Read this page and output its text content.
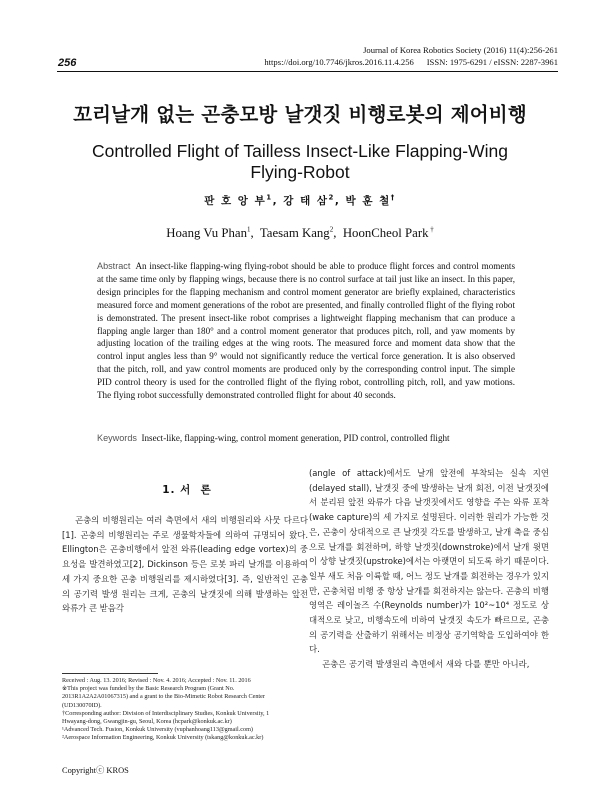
256
Journal of Korea Robotics Society (2016) 11(4):256-261
https://doi.org/10.7746/jkros.2016.11.4.256      ISSN: 1975-6291 / eISSN: 2287-3961
꼬리날개 없는 곤충모방 날갯짓 비행로봇의 제어비행
Controlled Flight of Tailless Insect-Like Flapping-Wing Flying-Robot
판 호 앙 부$^1$, 강 태 삼$^2$, 박 훈 철†
Hoang Vu Phan$^1$,  Taesam Kang$^2$,  HoonCheol Park †
Abstract An insect-like flapping-wing flying-robot should be able to produce flight forces and control moments at the same time only by flapping wings, because there is no control surface at tail just like an insect. In this paper, design principles for the flapping mechanism and control moment generator are briefly explained, characteristics measured force and moment generations of the robot are presented, and finally controlled flight of the flying robot is demonstrated. The present insect-like robot comprises a lightweight flapping mechanism that can produce a flapping angle larger than 180° and a control moment generator that produces pitch, roll, and yaw moments by adjusting location of the trailing edges at the wing roots. The measured force and moment data show that the control input angles less than 9° would not significantly reduce the vertical force generation. It is also observed that the pitch, roll, and yaw control moments are produced only by the corresponding control input. The simple PID control theory is used for the controlled flight of the flying robot, controlling pitch, roll, and yaw motions. The flying robot successfully demonstrated controlled flight for about 40 seconds.
Keywords Insect-like, flapping-wing, control moment generation, PID control, controlled flight
1. 서  론

곤충의 비행원리는 여러 측면에서 새의 비행원리와 사뭇 다르다[1]. 곤충의 비행원리는 주로 생물학자들에 의하여 규명되어 왔다. Ellington은 곤충비행에서 앞전 와류(leading edge vortex)의 중요성을 발견하였고[2], Dickinson 등은 로봇 파리 날개를 이용하여 세 가지 중요한 곤충 비행원리를 제시하였다[3]. 즉, 일반적인 곤충의 공기력 발생 원리는 크게, 곤충의 날갯짓에 의해 발생하는 앞전 와류가 큰 받음각

(angle of attack)에서도 날개 앞전에 부착되는 실속 지연(delayed stall), 날갯짓 중에 발생하는 날개 회전, 이전 날갯짓에서 분리된 앞전 와류가 다음 날갯짓에서도 영향을 주는 와류 포착(wake capture)의 세 가지로 설명된다. 이러한 원리가 가능한 것은, 곤충이 상대적으로 큰 날갯짓 각도를 발생하고, 날개 축을 중심으로 날개를 회전하며, 하향 날갯짓(downstroke)에서 날개 윗면이 상향 날갯짓(upstroke)에서는 아랫면이 되도록 하기 때문이다. 일부 새도 처음 이륙할 때, 어느 정도 날개를 회전하는 경우가 있지만, 곤충처럼 비행 중 항상 날개를 회전하지는 않는다. 곤충의 비행영역은 레이놀즈 수(Reynolds number)가 10²~10⁴ 정도로 상대적으로 낮고, 비행속도에 비하여 날갯짓 속도가 빠르므로, 곤충의 공기력을 산출하기 위해서는 비정상 공기역학을 도입하여야 한다.

곤충은 공기력 발생원리 측면에서 새와 다를 뿐만 아니라,

Received : Aug. 13. 2016; Revised : Nov. 4. 2016; Accepted : Nov. 11. 2016
※This project was funded by the Basic Research Program (Grant No. 2013R1A2A2A01067315) and a grant to the Bio-Mimetic Robot Research Center (UD130070ID).
†Corresponding author: Division of Interdisciplinary Studies, Konkuk University, 1 Hwayang-dong, Gwangjin-gu, Seoul, Korea (hcpark@konkuk.ac.kr)
¹Advanced Tech. Fusion, Konkuk University (vuphanhoang113@gmail.com)
²Aerospace Information Engineering, Konkuk University (tskang@konkuk.ac.kr)
Copyrightⓒ KROS
